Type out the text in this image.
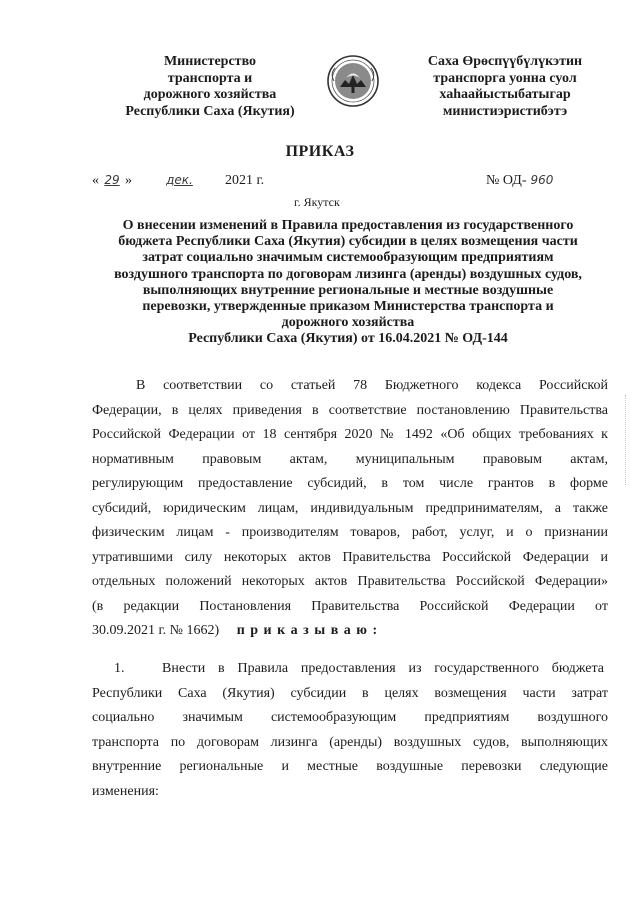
Министерство
транспорта и
дорожного хозяйства
Республики Саха (Якутия)
Саха Өрөспүүбүлүкэтин
транспорга уонна суол
хаһаайыстыбатыгар
министиэристибэтэ
ПРИКАЗ
« 29 »	дек. 2021 г.	№ ОД- 960
г. Якутск
О внесении изменений в Правила предоставления из государственного
бюджета Республики Саха (Якутия) субсидии в целях возмещения части
затрат социально значимым системообразующим предприятиям
воздушного транспорта по договорам лизинга (аренды) воздушных судов,
выполняющих внутренние региональные и местные воздушные
перевозки, утвержденные приказом Министерства транспорта и
дорожного хозяйства
Республики Саха (Якутия) от 16.04.2021 № ОД-144
В соответствии со статьей 78 Бюджетного кодекса Российской
Федерации, в целях приведения в соответствие постановлению Правительства
Российской Федерации от 18 сентября 2020 № 1492 «Об общих требованиях к
нормативным правовым актам, муниципальным правовым актам,
регулирующим предоставление субсидий, в том числе грантов в форме
субсидий, юридическим лицам, индивидуальным предпринимателям, а также
физическим лицам - производителям товаров, работ, услуг, и о признании
утратившими силу некоторых актов Правительства Российской Федерации и
отдельных положений некоторых актов Правительства Российской Федерации»
(в редакции Постановления Правительства Российской Федерации от
30.09.2021 г. № 1662) п р и к а з ы в а ю :
1.	Внести в Правила предоставления из государственного бюджета
Республики Саха (Якутия) субсидии в целях возмещения части затрат
социально значимым системообразующим предприятиям воздушного
транспорта по договорам лизинга (аренды) воздушных судов, выполняющих
внутренние региональные и местные воздушные перевозки следующие
изменения:
